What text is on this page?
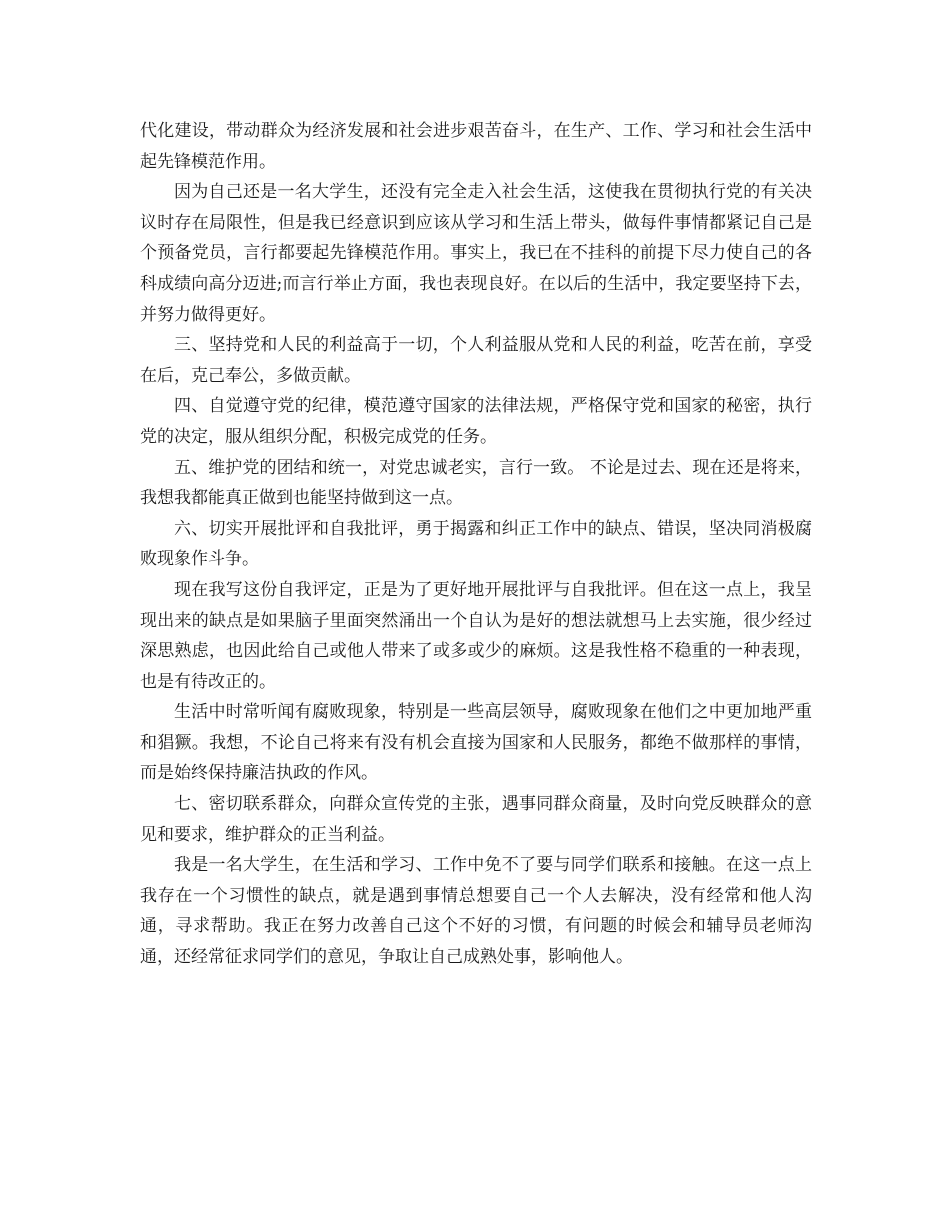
代化建设，带动群众为经济发展和社会进步艰苦奋斗，在生产、工作、学习和社会生活中起先锋模范作用。

因为自己还是一名大学生，还没有完全走入社会生活，这使我在贯彻执行党的有关决议时存在局限性，但是我已经意识到应该从学习和生活上带头，做每件事情都紧记自己是个预备党员，言行都要起先锋模范作用。事实上，我已在不挂科的前提下尽力使自己的各科成绩向高分迈进;而言行举止方面，我也表现良好。在以后的生活中，我定要坚持下去，并努力做得更好。

三、坚持党和人民的利益高于一切，个人利益服从党和人民的利益，吃苦在前，享受在后，克己奉公，多做贡献。

四、自觉遵守党的纪律，模范遵守国家的法律法规，严格保守党和国家的秘密，执行党的决定，服从组织分配，积极完成党的任务。

五、维护党的团结和统一，对党忠诚老实，言行一致。 不论是过去、现在还是将来，我想我都能真正做到也能坚持做到这一点。

六、切实开展批评和自我批评，勇于揭露和纠正工作中的缺点、错误，坚决同消极腐败现象作斗争。

现在我写这份自我评定，正是为了更好地开展批评与自我批评。但在这一点上，我呈现出来的缺点是如果脑子里面突然涌出一个自认为是好的想法就想马上去实施，很少经过深思熟虑，也因此给自己或他人带来了或多或少的麻烦。这是我性格不稳重的一种表现，也是有待改正的。

生活中时常听闻有腐败现象，特别是一些高层领导，腐败现象在他们之中更加地严重和猖獗。我想，不论自己将来有没有机会直接为国家和人民服务，都绝不做那样的事情，而是始终保持廉洁执政的作风。

七、密切联系群众，向群众宣传党的主张，遇事同群众商量，及时向党反映群众的意见和要求，维护群众的正当利益。

我是一名大学生，在生活和学习、工作中免不了要与同学们联系和接触。在这一点上我存在一个习惯性的缺点，就是遇到事情总想要自己一个人去解决，没有经常和他人沟通，寻求帮助。我正在努力改善自己这个不好的习惯，有问题的时候会和辅导员老师沟通，还经常征求同学们的意见，争取让自己成熟处事，影响他人。
